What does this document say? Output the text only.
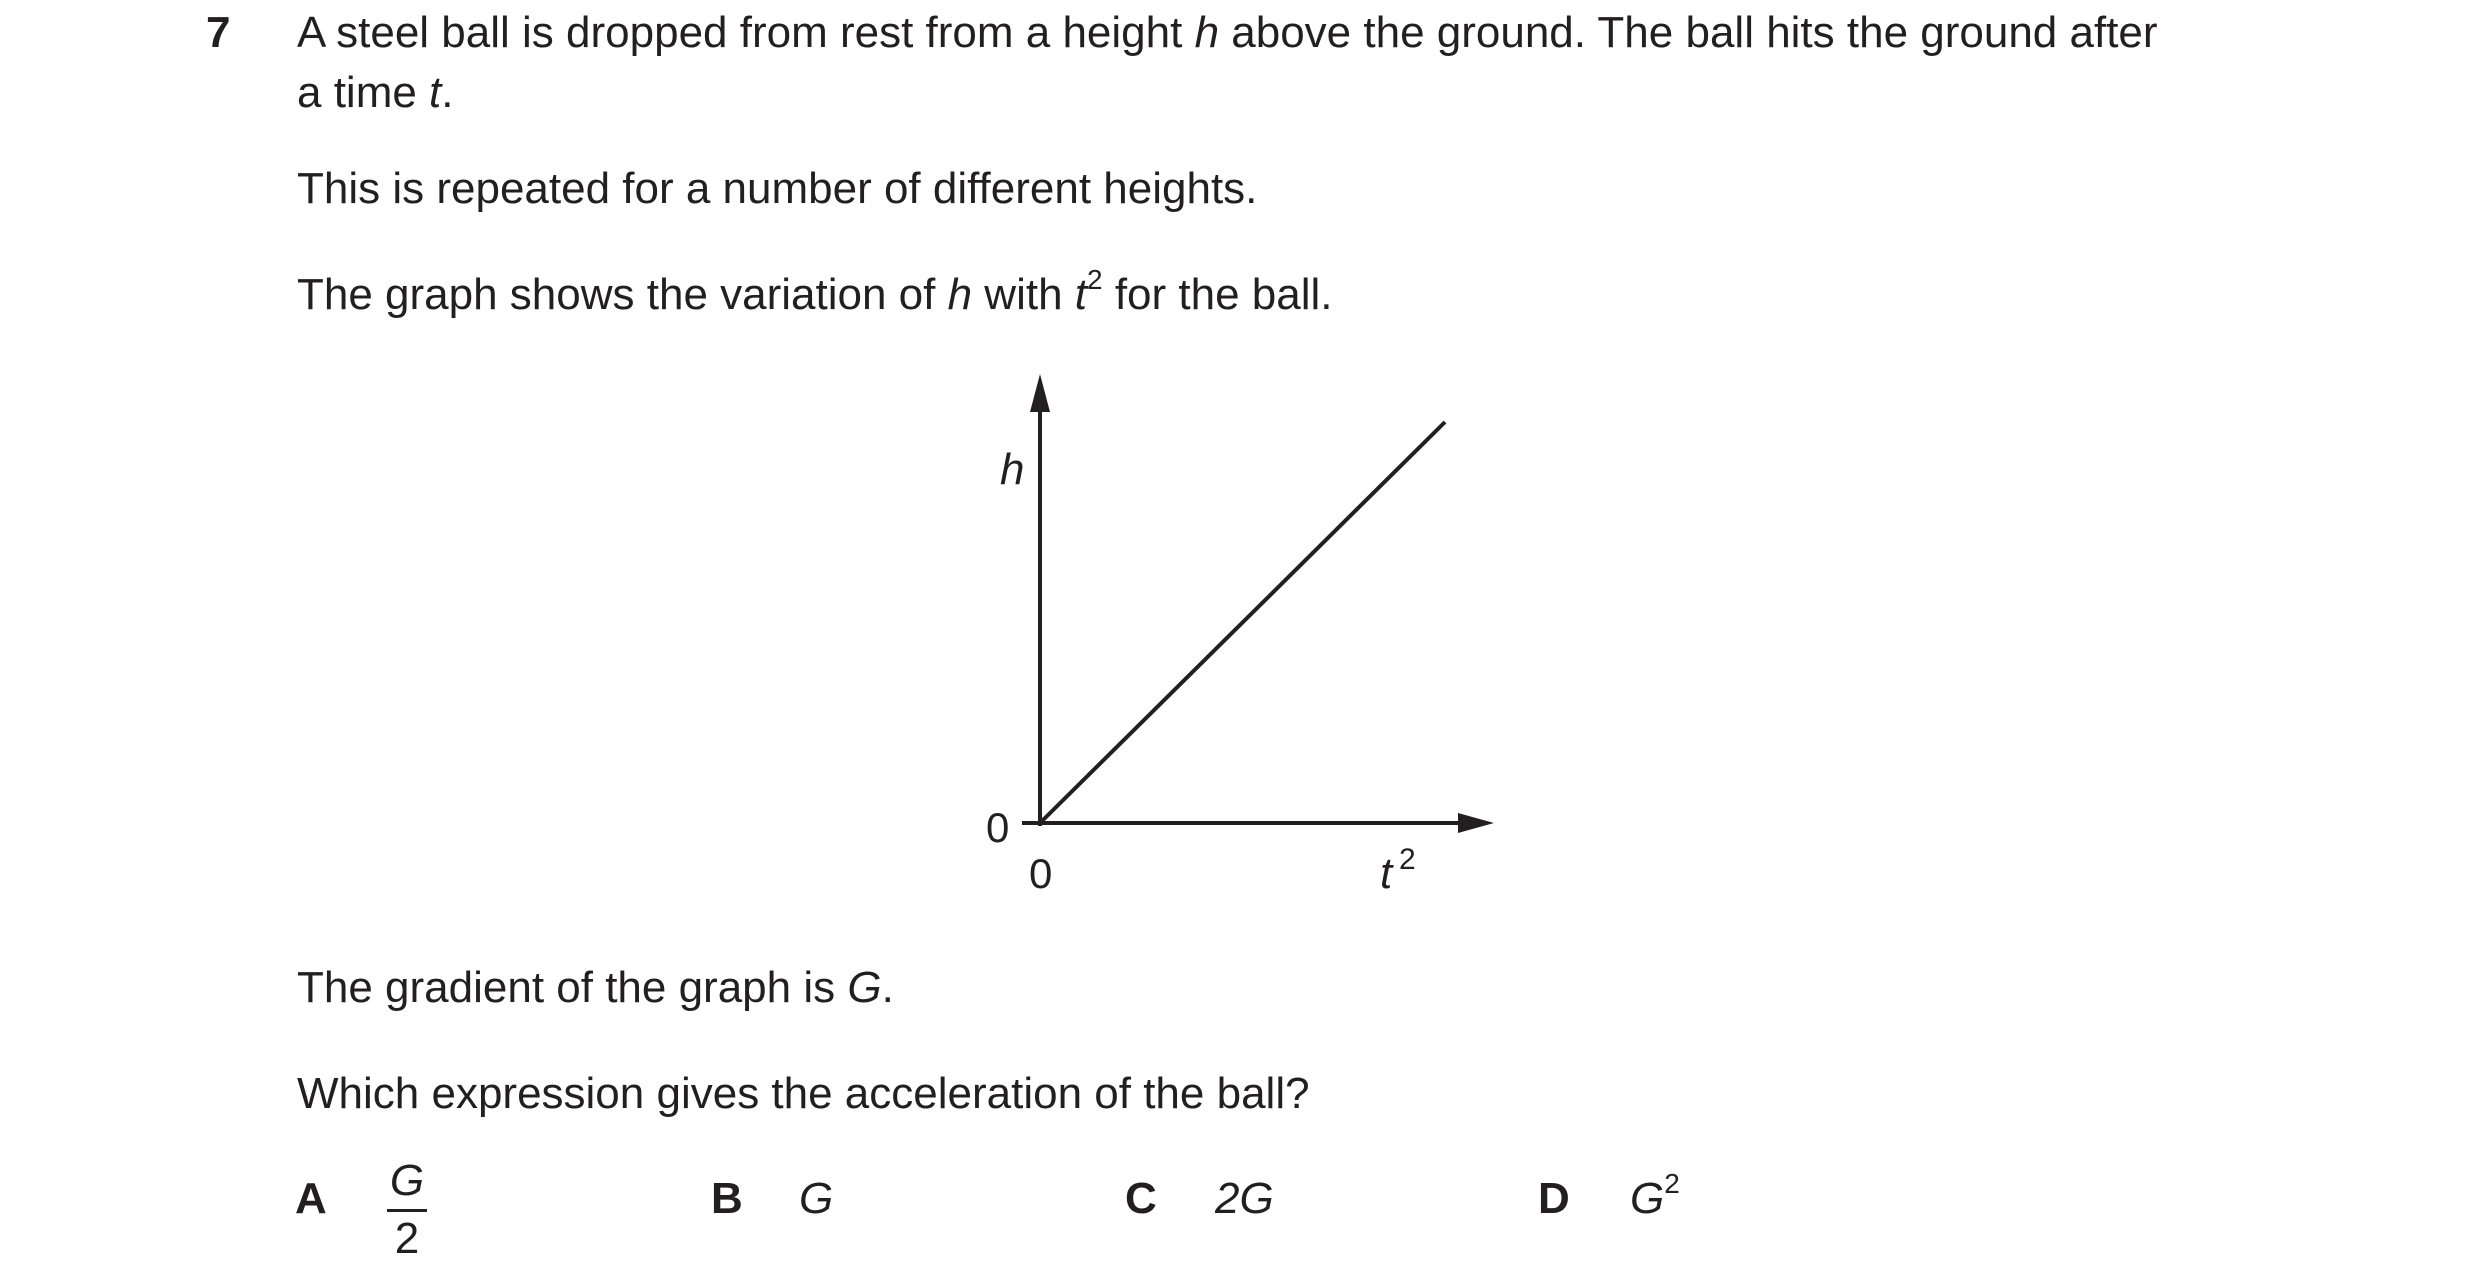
7 A steel ball is dropped from rest from a height h above the ground. The ball hits the ground after
a time t.
This is repeated for a number of different heights.
The graph shows the variation of h with $t^2$ for the ball.
h
0
0	t 2
The gradient of the graph is G.
Which expression gives the acceleration of the ball?
A G
2
B G	C 2G	D $G^2$
